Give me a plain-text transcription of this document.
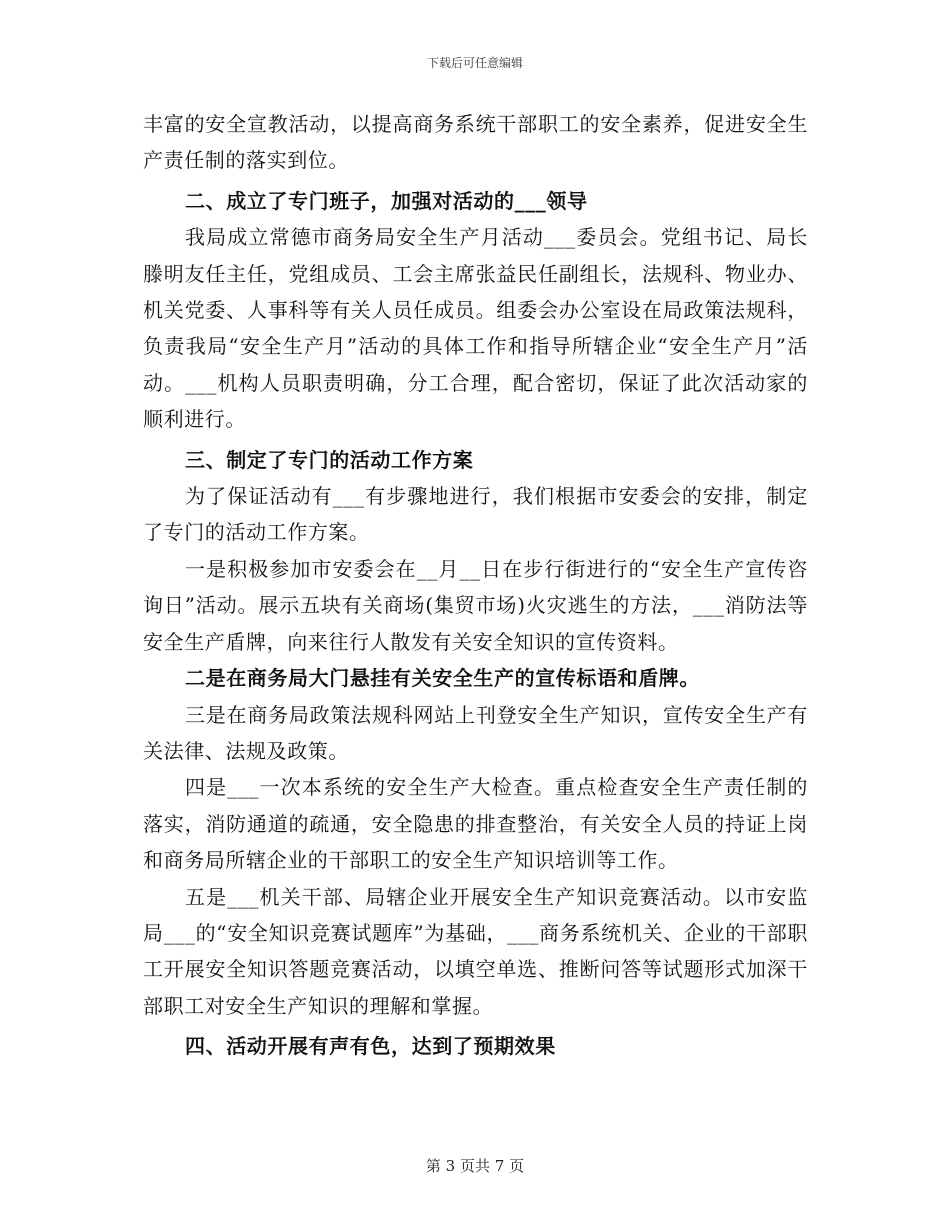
下载后可任意编辑

丰富的安全宣教活动，以提高商务系统干部职工的安全素养，促进安全生产责任制的落实到位。

二、成立了专门班子，加强对活动的___领导

我局成立常德市商务局安全生产月活动___委员会。党组书记、局长滕明友任主任，党组成员、工会主席张益民任副组长，法规科、物业办、机关党委、人事科等有关人员任成员。组委会办公室设在局政策法规科，负责我局“安全生产月”活动的具体工作和指导所辖企业“安全生产月”活动。___机构人员职责明确，分工合理，配合密切，保证了此次活动家的顺利进行。

三、制定了专门的活动工作方案

为了保证活动有___有步骤地进行，我们根据市安委会的安排，制定了专门的活动工作方案。

一是积极参加市安委会在__月__日在步行街进行的“安全生产宣传咨询日”活动。展示五块有关商场(集贸市场)火灾逃生的方法，___消防法等安全生产盾牌，向来往行人散发有关安全知识的宣传资料。

二是在商务局大门悬挂有关安全生产的宣传标语和盾牌。

三是在商务局政策法规科网站上刊登安全生产知识，宣传安全生产有关法律、法规及政策。

四是___一次本系统的安全生产大检查。重点检查安全生产责任制的落实，消防通道的疏通，安全隐患的排查整治，有关安全人员的持证上岗和商务局所辖企业的干部职工的安全生产知识培训等工作。

五是___机关干部、局辖企业开展安全生产知识竞赛活动。以市安监局___的“安全知识竞赛试题库”为基础，___商务系统机关、企业的干部职工开展安全知识答题竞赛活动，以填空单选、推断问答等试题形式加深干部职工对安全生产知识的理解和掌握。

四、活动开展有声有色，达到了预期效果

第 3 页共 7 页
